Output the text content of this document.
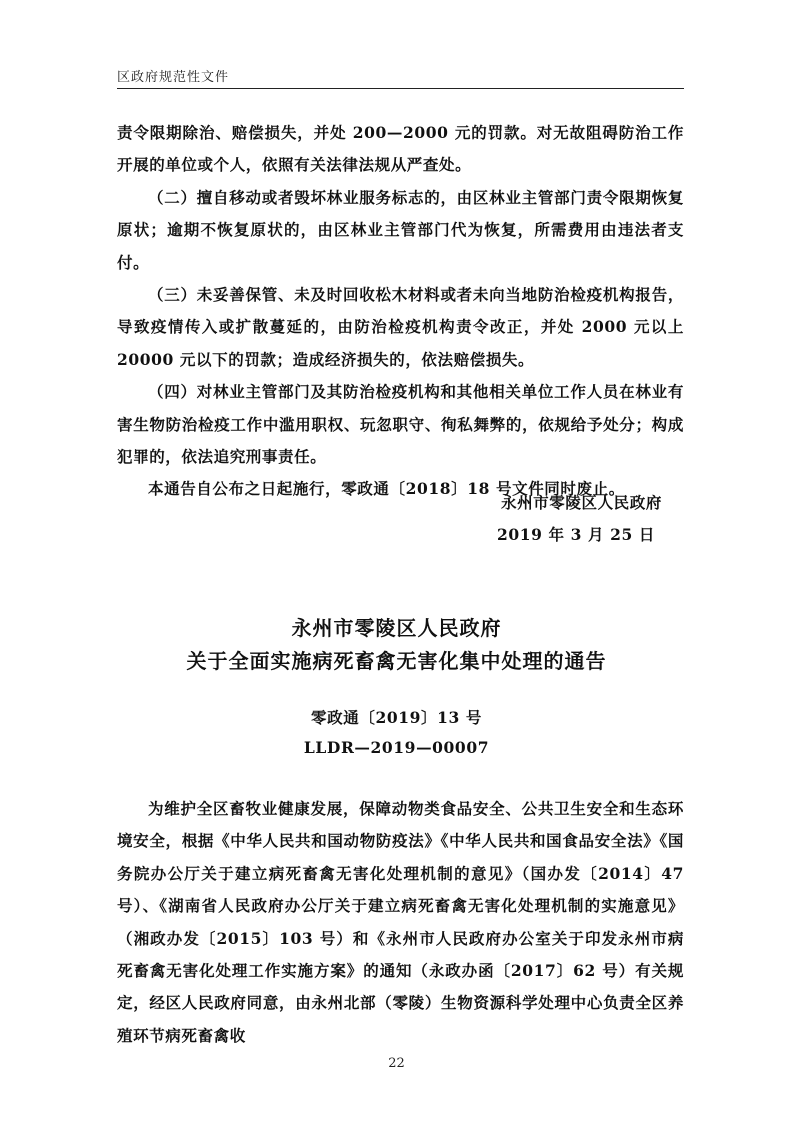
区政府规范性文件

责令限期除治、赔偿损失，并处 200—2000 元的罚款。对无故阻碍防治工作开展的单位或个人，依照有关法律法规从严查处。

（二）擅自移动或者毁坏林业服务标志的，由区林业主管部门责令限期恢复原状；逾期不恢复原状的，由区林业主管部门代为恢复，所需费用由违法者支付。

（三）未妥善保管、未及时回收松木材料或者未向当地防治检疫机构报告，导致疫情传入或扩散蔓延的，由防治检疫机构责令改正，并处 2000 元以上 20000 元以下的罚款；造成经济损失的，依法赔偿损失。

（四）对林业主管部门及其防治检疫机构和其他相关单位工作人员在林业有害生物防治检疫工作中滥用职权、玩忽职守、徇私舞弊的，依规给予处分；构成犯罪的，依法追究刑事责任。

本通告自公布之日起施行，零政通〔2018〕18 号文件同时废止。

永州市零陵区人民政府
2019 年 3 月 25 日
永州市零陵区人民政府
关于全面实施病死畜禽无害化集中处理的通告
零政通〔2019〕13 号
LLDR—2019—00007

为维护全区畜牧业健康发展，保障动物类食品安全、公共卫生安全和生态环境安全，根据《中华人民共和国动物防疫法》《中华人民共和国食品安全法》《国务院办公厅关于建立病死畜禽无害化处理机制的意见》（国办发〔2014〕47 号）、《湖南省人民政府办公厅关于建立病死畜禽无害化处理机制的实施意见》（湘政办发〔2015〕103 号）和《永州市人民政府办公室关于印发永州市病死畜禽无害化处理工作实施方案》的通知（永政办函〔2017〕62 号）有关规定，经区人民政府同意，由永州北部（零陵）生物资源科学处理中心负责全区养殖环节病死畜禽收

22
